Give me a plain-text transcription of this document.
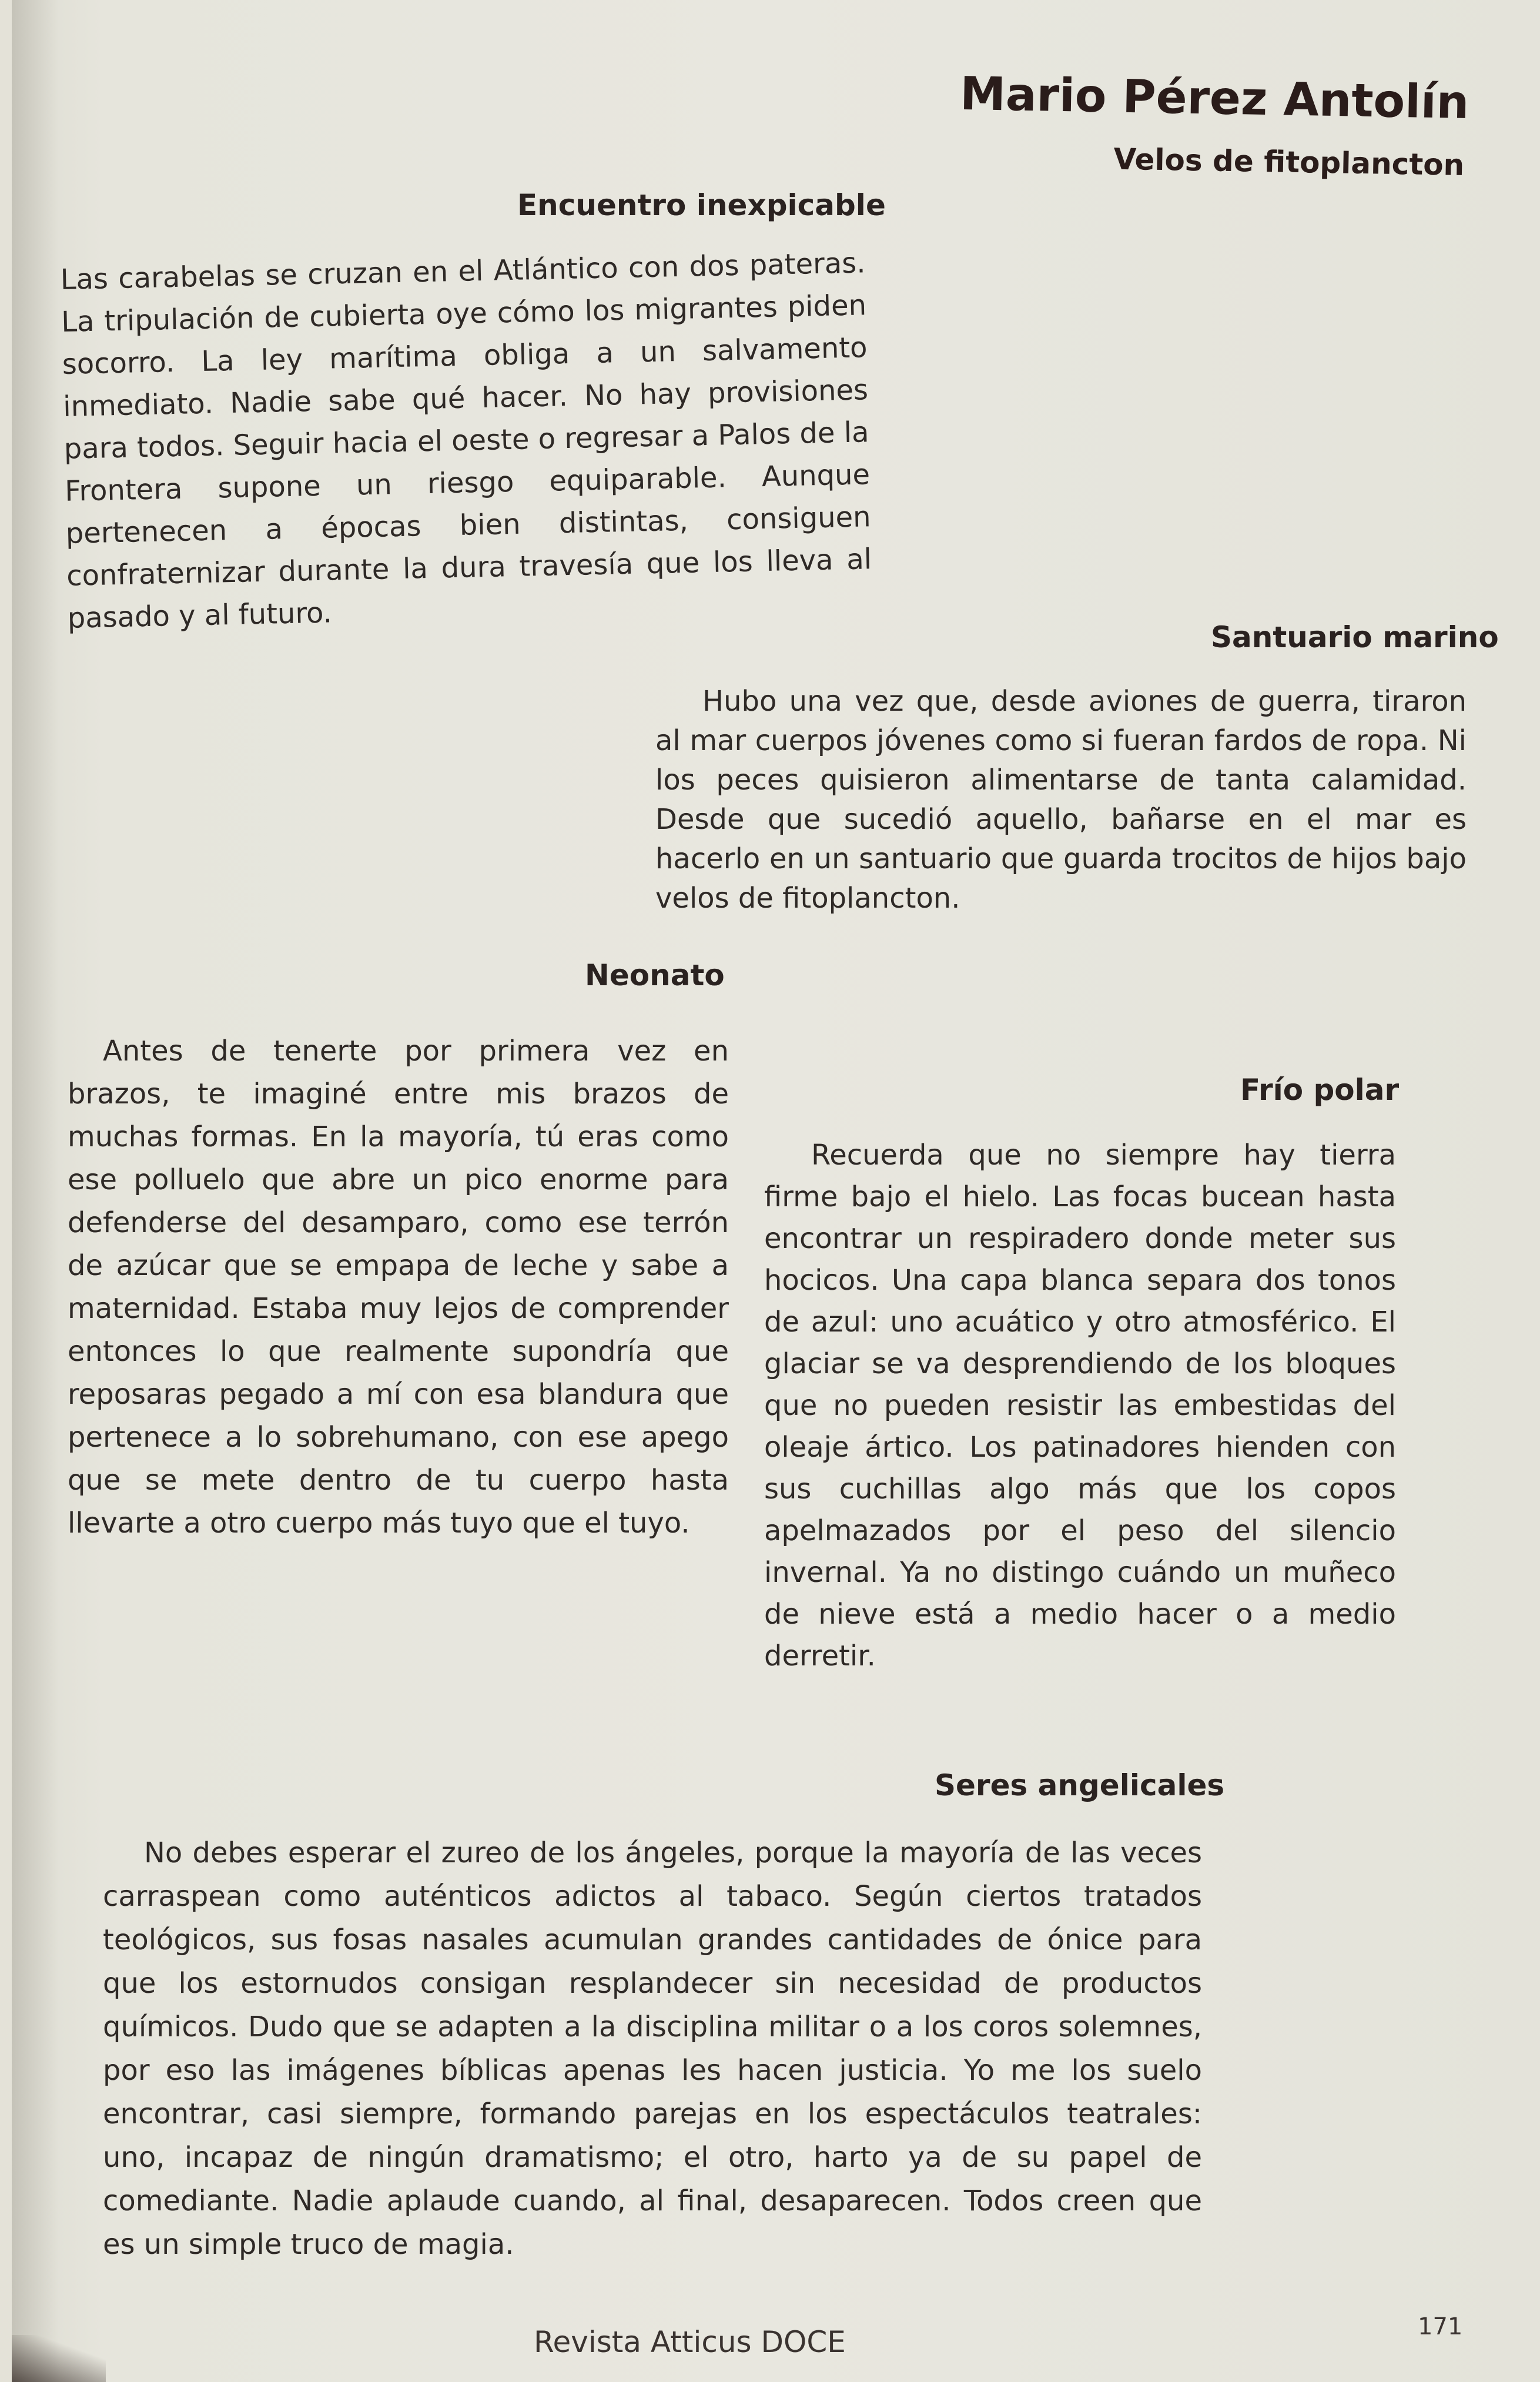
Mario Pérez Antolín
Velos de fitoplancton
Encuentro inexpicable

Las carabelas se cruzan en el Atlántico con dos pateras. La tripulación de cubierta oye cómo los migrantes piden socorro. La ley marítima obliga a un salvamento inmediato. Nadie sabe qué hacer. No hay provisiones para todos. Seguir hacia el oeste o regresar a Palos de la Frontera supone un riesgo equiparable. Aunque pertenecen a épocas bien distintas, consiguen confraternizar durante la dura travesía que los lleva al pasado y al futuro.

Santuario marino

Hubo una vez que, desde aviones de guerra, tiraron al mar cuerpos jóvenes como si fueran fardos de ropa. Ni los peces quisieron alimentarse de tanta calamidad. Desde que sucedió aquello, bañarse en el mar es hacerlo en un santuario que guarda trocitos de hijos bajo velos de fitoplancton.

Neonato

Antes de tenerte por primera vez en brazos, te imaginé entre mis brazos de muchas formas. En la mayoría, tú eras como ese polluelo que abre un pico enorme para defenderse del desamparo, como ese terrón de azúcar que se empapa de leche y sabe a maternidad. Estaba muy lejos de comprender entonces lo que realmente supondría que reposaras pegado a mí con esa blandura que pertenece a lo sobrehumano, con ese apego que se mete dentro de tu cuerpo hasta llevarte a otro cuerpo más tuyo que el tuyo.

Frío polar

Recuerda que no siempre hay tierra firme bajo el hielo. Las focas bucean hasta encontrar un respiradero donde meter sus hocicos. Una capa blanca separa dos tonos de azul: uno acuático y otro atmosférico. El glaciar se va desprendiendo de los bloques que no pueden resistir las embestidas del oleaje ártico. Los patinadores hienden con sus cuchillas algo más que los copos apelmazados por el peso del silencio invernal. Ya no distingo cuándo un muñeco de nieve está a medio hacer o a medio derretir.

Seres angelicales

No debes esperar el zureo de los ángeles, porque la mayoría de las veces carraspean como auténticos adictos al tabaco. Según ciertos tratados teológicos, sus fosas nasales acumulan grandes cantidades de ónice para que los estornudos consigan resplandecer sin necesidad de productos químicos. Dudo que se adapten a la disciplina militar o a los coros solemnes, por eso las imágenes bíblicas apenas les hacen justicia. Yo me los suelo encontrar, casi siempre, formando parejas en los espectáculos teatrales: uno, incapaz de ningún dramatismo; el otro, harto ya de su papel de comediante. Nadie aplaude cuando, al final, desaparecen. Todos creen que es un simple truco de magia.

Revista Atticus DOCE	171
